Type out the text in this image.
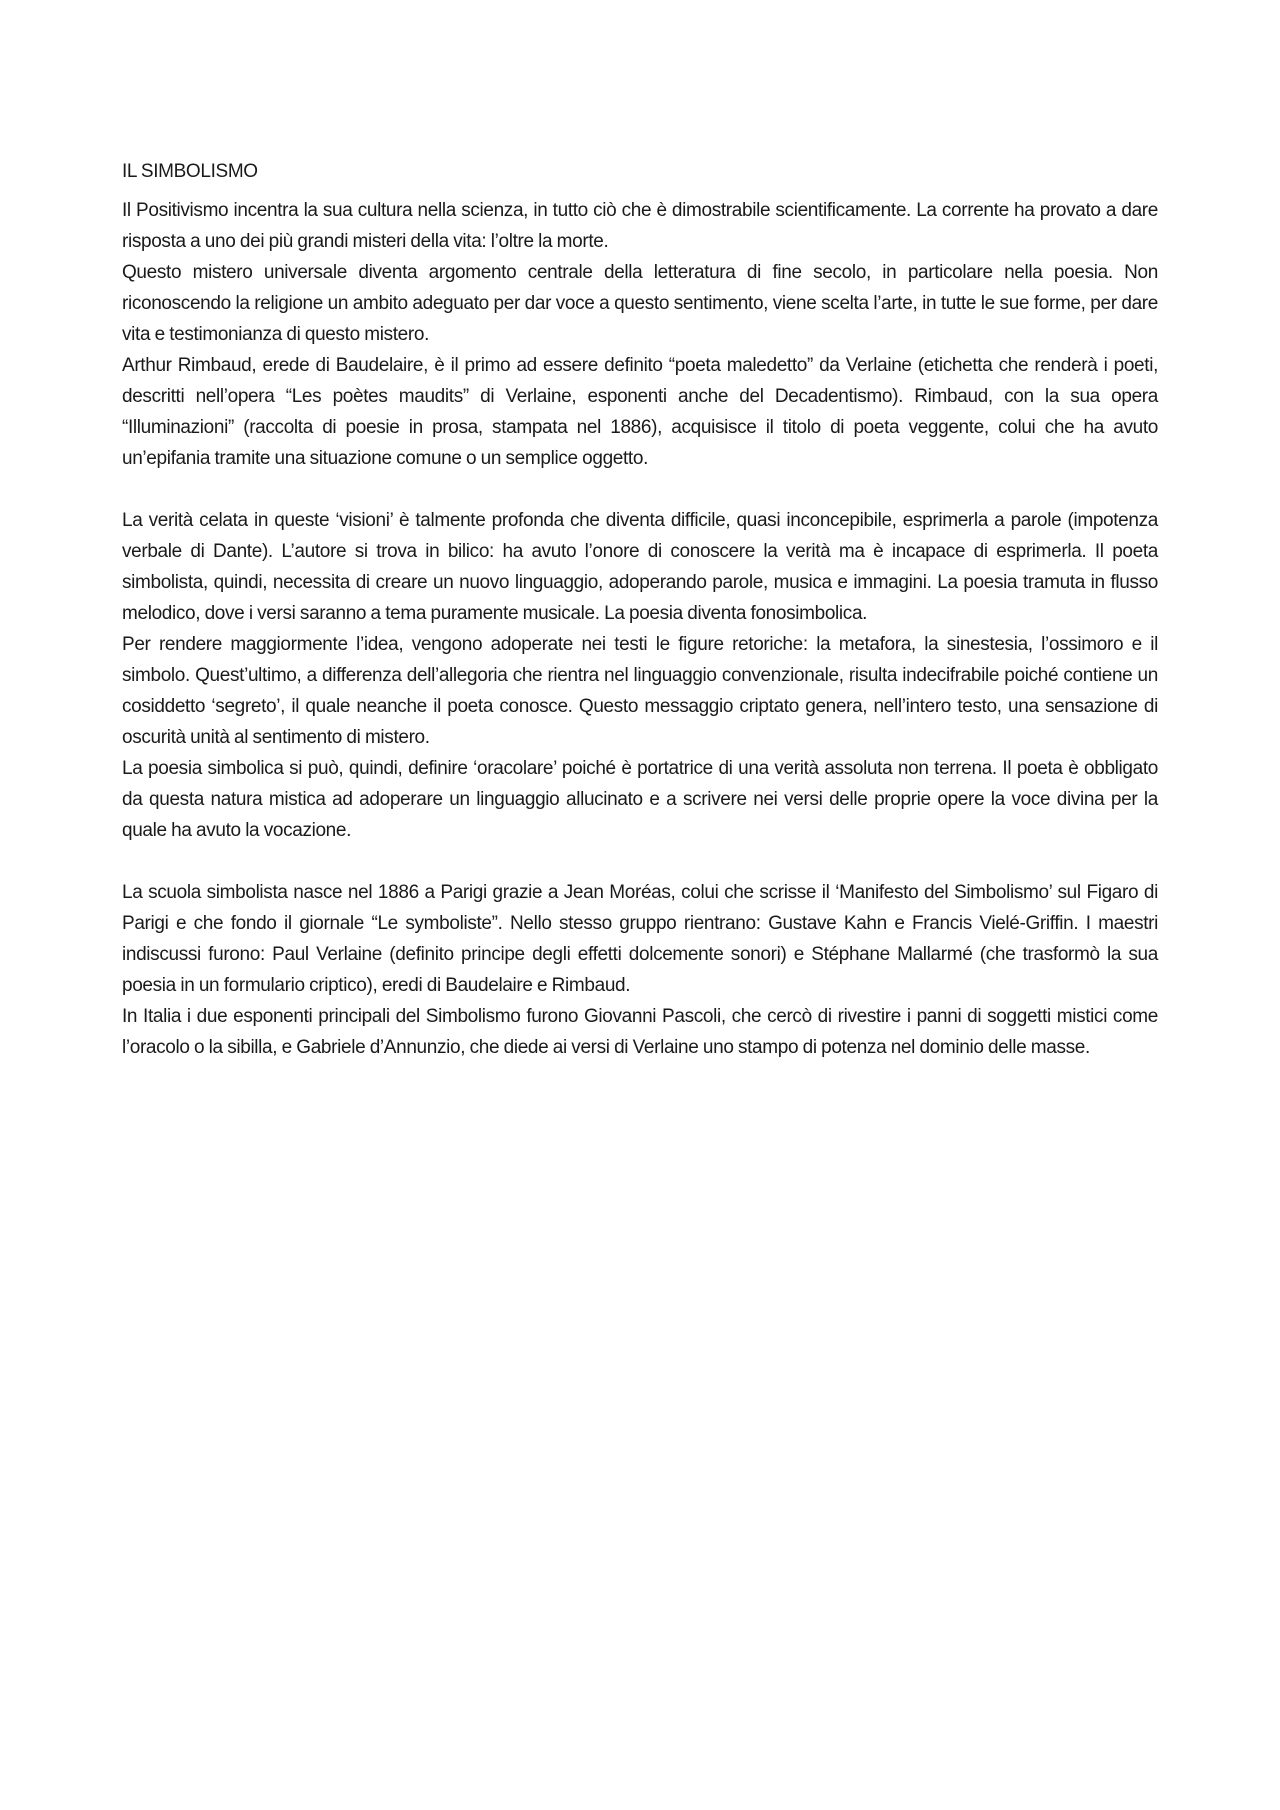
IL SIMBOLISMO

Il Positivismo incentra la sua cultura nella scienza, in tutto ciò che è dimostrabile scientificamente. La corrente ha provato a dare risposta a uno dei più grandi misteri della vita: l’oltre la morte.

Questo mistero universale diventa argomento centrale della letteratura di fine secolo, in particolare nella poesia. Non riconoscendo la religione un ambito adeguato per dar voce a questo sentimento, viene scelta l’arte, in tutte le sue forme, per dare vita e testimonianza di questo mistero.

Arthur Rimbaud, erede di Baudelaire, è il primo ad essere definito “poeta maledetto” da Verlaine (etichetta che renderà i poeti, descritti nell’opera “Les poètes maudits” di Verlaine, esponenti anche del Decadentismo). Rimbaud, con la sua opera “Illuminazioni” (raccolta di poesie in prosa, stampata nel 1886), acquisisce il titolo di poeta veggente, colui che ha avuto un’epifania tramite una situazione comune o un semplice oggetto.

La verità celata in queste ‘visioni’ è talmente profonda che diventa difficile, quasi inconcepibile, esprimerla a parole (impotenza verbale di Dante). L’autore si trova in bilico: ha avuto l’onore di conoscere la verità ma è incapace di esprimerla. Il poeta simbolista, quindi, necessita di creare un nuovo linguaggio, adoperando parole, musica e immagini. La poesia tramuta in flusso melodico, dove i versi saranno a tema puramente musicale. La poesia diventa fonosimbolica.

Per rendere maggiormente l’idea, vengono adoperate nei testi le figure retoriche: la metafora, la sinestesia, l’ossimoro e il simbolo. Quest’ultimo, a differenza dell’allegoria che rientra nel linguaggio convenzionale, risulta indecifrabile poiché contiene un cosiddetto ‘segreto’, il quale neanche il poeta conosce. Questo messaggio criptato genera, nell’intero testo, una sensazione di oscurità unità al sentimento di mistero.

La poesia simbolica si può, quindi, definire ‘oracolare’ poiché è portatrice di una verità assoluta non terrena. Il poeta è obbligato da questa natura mistica ad adoperare un linguaggio allucinato e a scrivere nei versi delle proprie opere la voce divina per la quale ha avuto la vocazione.

La scuola simbolista nasce nel 1886 a Parigi grazie a Jean Moréas, colui che scrisse il ‘Manifesto del Simbolismo’ sul Figaro di Parigi e che fondo il giornale “Le symboliste”. Nello stesso gruppo rientrano: Gustave Kahn e Francis Vielé-Griffin. I maestri indiscussi furono: Paul Verlaine (definito principe degli effetti dolcemente sonori) e Stéphane Mallarmé (che trasformò la sua poesia in un formulario criptico), eredi di Baudelaire e Rimbaud.

In Italia i due esponenti principali del Simbolismo furono Giovanni Pascoli, che cercò di rivestire i panni di soggetti mistici come l’oracolo o la sibilla, e Gabriele d’Annunzio, che diede ai versi di Verlaine uno stampo di potenza nel dominio delle masse.
